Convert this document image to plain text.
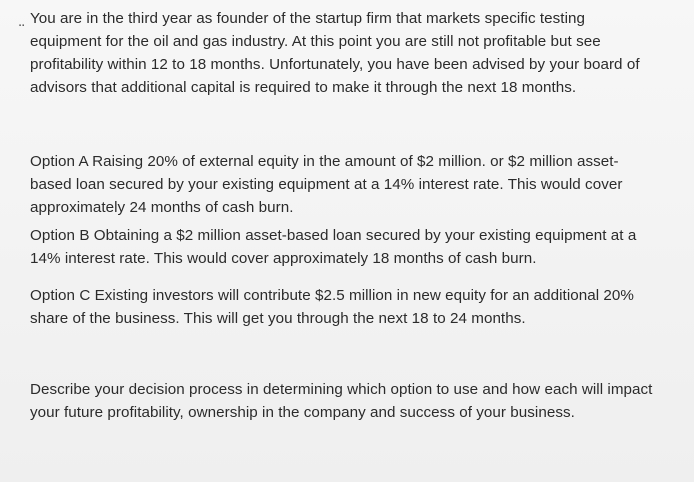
.. You are in the third year as founder of the startup firm that markets specific testing
equipment for the oil and gas industry. At this point you are still not profitable but see
profitability within 12 to 18 months. Unfortunately, you have been advised by your board of
advisors that additional capital is required to make it through the next 18 months.

Option A Raising 20% of external equity in the amount of $2 million. or $2 million asset-
based loan secured by your existing equipment at a 14% interest rate. This would cover
approximately 24 months of cash burn.

Option B Obtaining a $2 million asset-based loan secured by your existing equipment at a
14% interest rate. This would cover approximately 18 months of cash burn.

Option C Existing investors will contribute $2.5 million in new equity for an additional 20%
share of the business. This will get you through the next 18 to 24 months.

Describe your decision process in determining which option to use and how each will impact
your future profitability, ownership in the company and success of your business.
